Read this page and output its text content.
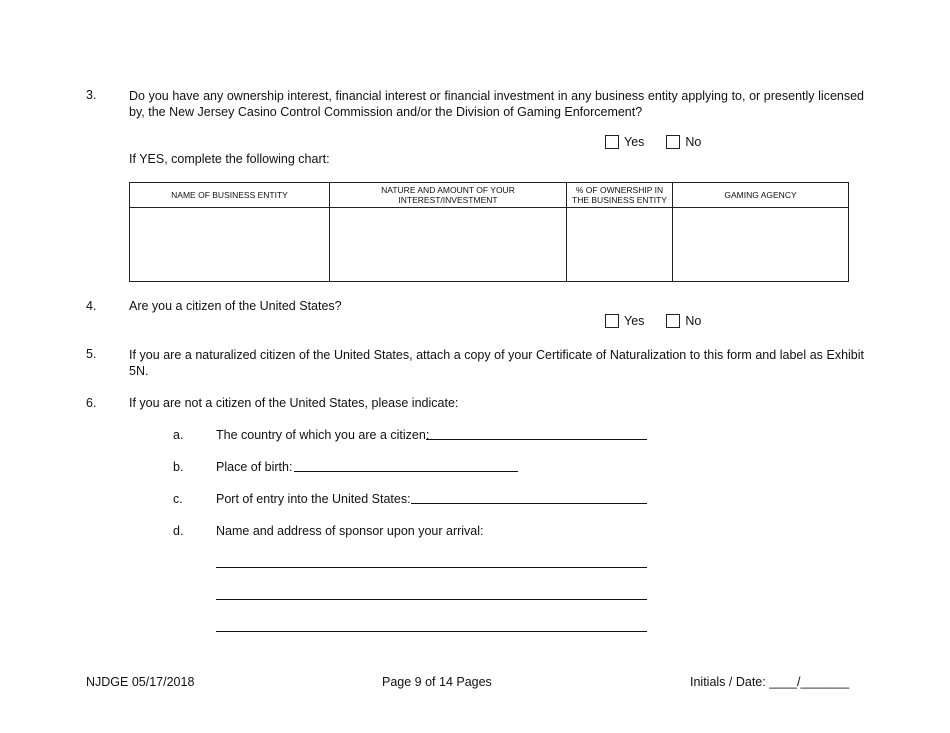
3.	Do you have any ownership interest, financial interest or financial investment in any business entity applying to, or presently licensed by, the New Jersey Casino Control Commission and/or the Division of Gaming Enforcement?
Yes	No
If YES, complete the following chart:
NAME OF BUSINESS ENTITY	NATURE AND AMOUNT OF YOUR INTEREST/INVESTMENT	% OF OWNERSHIP IN THE BUSINESS ENTITY	GAMING AGENCY

4.	Are you a citizen of the United States?
Yes	No
5.	If you are a naturalized citizen of the United States, attach a copy of your Certificate of Naturalization to this form and label as Exhibit 5N.
6.	If you are not a citizen of the United States, please indicate:
a.	The country of which you are a citizen:
b.	Place of birth:
c.	Port of entry into the United States:
d.	Name and address of sponsor upon your arrival:
NJDGE 05/17/2018	Page 9 of 14 Pages	Initials / Date: ____/_______
